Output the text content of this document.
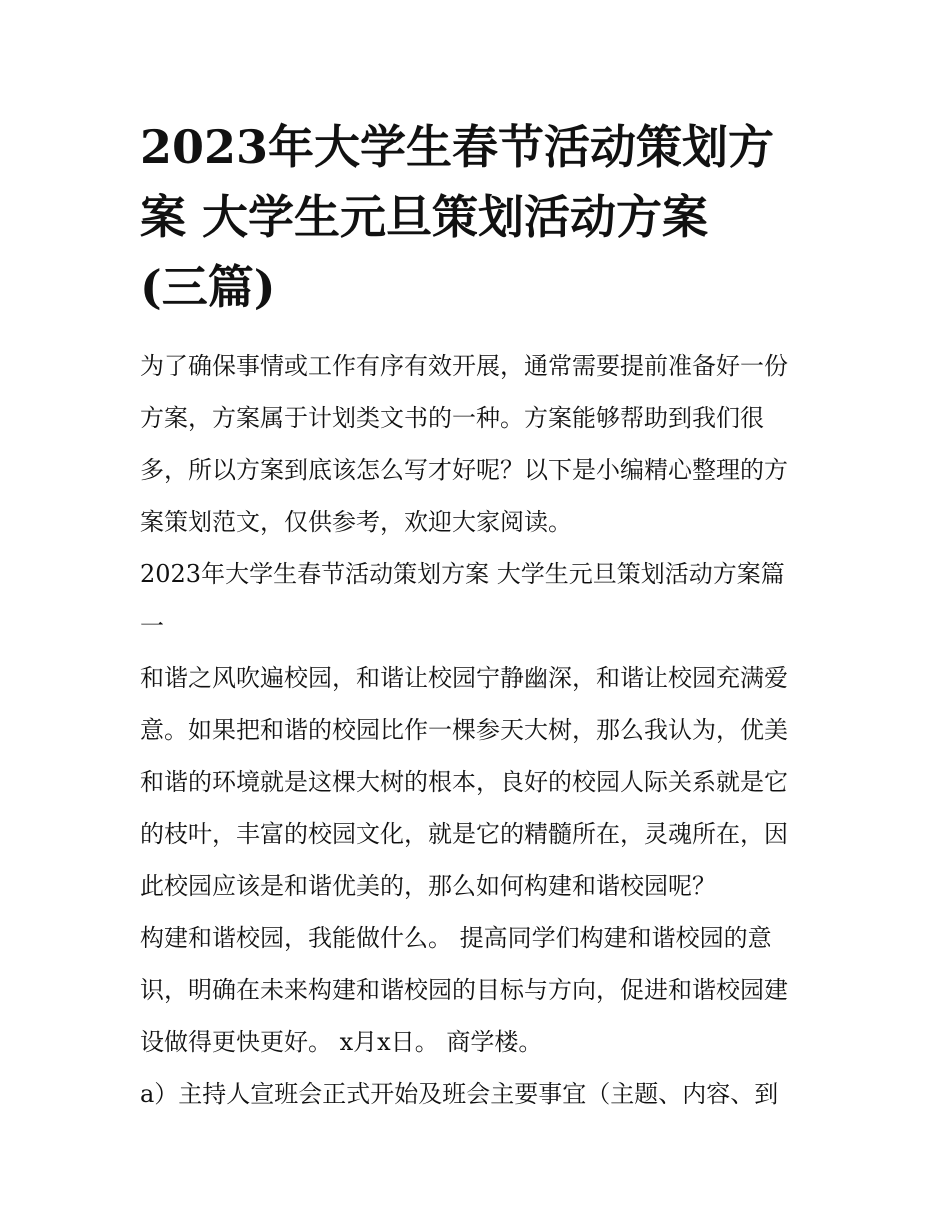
2023年大学生春节活动策划方
案 大学生元旦策划活动方案
(三篇)
为了确保事情或工作有序有效开展，通常需要提前准备好一份
方案，方案属于计划类文书的一种。方案能够帮助到我们很
多，所以方案到底该怎么写才好呢？以下是小编精心整理的方
案策划范文，仅供参考，欢迎大家阅读。
2023年大学生春节活动策划方案 大学生元旦策划活动方案篇
一
和谐之风吹遍校园，和谐让校园宁静幽深，和谐让校园充满爱
意。如果把和谐的校园比作一棵参天大树，那么我认为，优美
和谐的环境就是这棵大树的根本，良好的校园人际关系就是它
的枝叶，丰富的校园文化，就是它的精髓所在，灵魂所在，因
此校园应该是和谐优美的，那么如何构建和谐校园呢？
构建和谐校园，我能做什么。 提高同学们构建和谐校园的意
识，明确在未来构建和谐校园的目标与方向，促进和谐校园建
设做得更快更好。 x月x日。 商学楼。
a）主持人宣班会正式开始及班会主要事宜（主题、内容、到
